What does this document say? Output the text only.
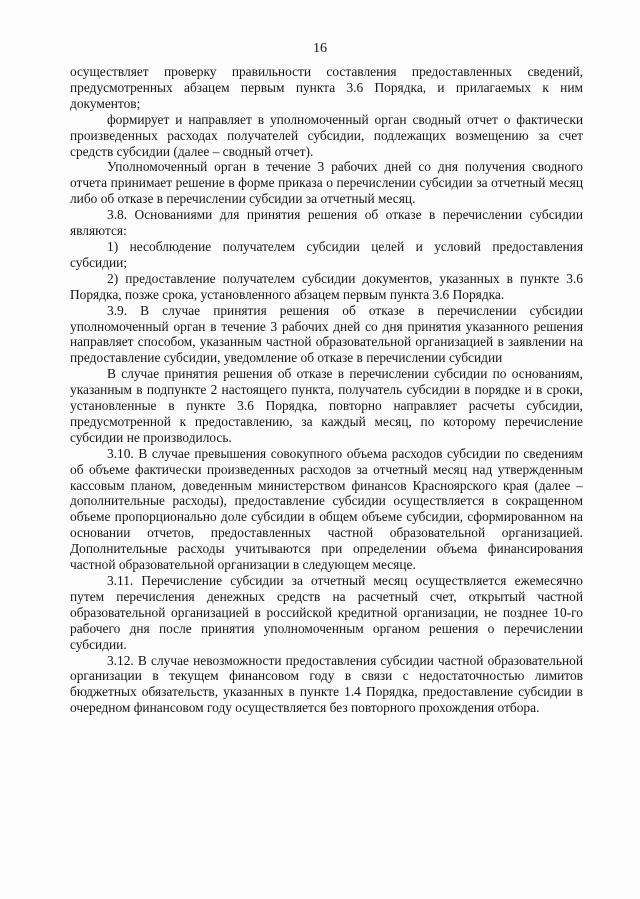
16

осуществляет проверку правильности составления предоставленных сведений, предусмотренных абзацем первым пункта 3.6 Порядка, и прилагаемых к ним документов;

формирует и направляет в уполномоченный орган сводный отчет о фактически произведенных расходах получателей субсидии, подлежащих возмещению за счет средств субсидии (далее – сводный отчет).

Уполномоченный орган в течение 3 рабочих дней со дня получения сводного отчета принимает решение в форме приказа о перечислении субсидии за отчетный месяц либо об отказе в перечислении субсидии за отчетный месяц.

3.8. Основаниями для принятия решения об отказе в перечислении субсидии являются:

1) несоблюдение получателем субсидии целей и условий предоставления субсидии;

2) предоставление получателем субсидии документов, указанных в пункте 3.6 Порядка, позже срока, установленного абзацем первым пункта 3.6 Порядка.

3.9. В случае принятия решения об отказе в перечислении субсидии уполномоченный орган в течение 3 рабочих дней со дня принятия указанного решения направляет способом, указанным частной образовательной организацией в заявлении на предоставление субсидии, уведомление об отказе в перечислении субсидии

В случае принятия решения об отказе в перечислении субсидии по основаниям, указанным в подпункте 2 настоящего пункта, получатель субсидии в порядке и в сроки, установленные в пункте 3.6 Порядка, повторно направляет расчеты субсидии, предусмотренной к предоставлению, за каждый месяц, по которому перечисление субсидии не производилось.

3.10. В случае превышения совокупного объема расходов субсидии по сведениям об объеме фактически произведенных расходов за отчетный месяц над утвержденным кассовым планом, доведенным министерством финансов Красноярского края (далее – дополнительные расходы), предоставление субсидии осуществляется в сокращенном объеме пропорционально доле субсидии в общем объеме субсидии, сформированном на основании отчетов, предоставленных частной образовательной организацией. Дополнительные расходы учитываются при определении объема финансирования частной образовательной организации в следующем месяце.

3.11. Перечисление субсидии за отчетный месяц осуществляется ежемесячно путем перечисления денежных средств на расчетный счет, открытый частной образовательной организацией в российской кредитной организации, не позднее 10-го рабочего дня после принятия уполномоченным органом решения о перечислении субсидии.

3.12. В случае невозможности предоставления субсидии частной образовательной организации в текущем финансовом году в связи с недостаточностью лимитов бюджетных обязательств, указанных в пункте 1.4 Порядка, предоставление субсидии в очередном финансовом году осуществляется без повторного прохождения отбора.
